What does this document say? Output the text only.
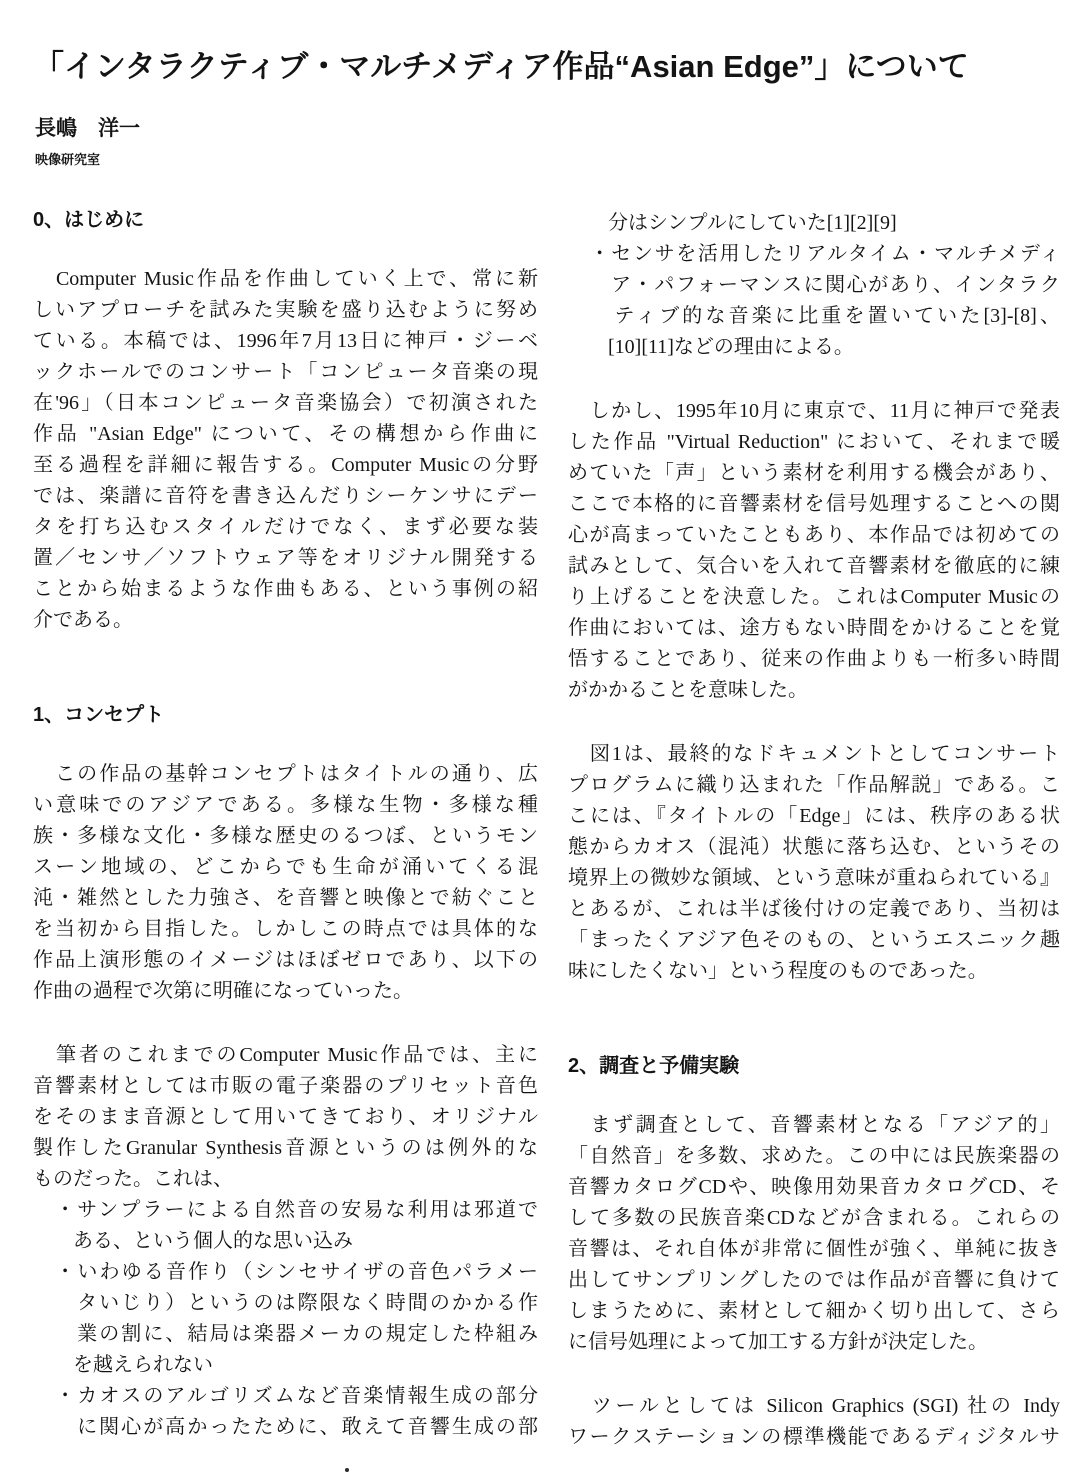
「インタラクティブ・マルチメディア作品“Asian Edge”」について
長嶋　洋一
映像研究室
0、はじめに
　Computer Music作品を作曲していく上で、常に新
しいアプローチを試みた実験を盛り込むように努め
ている。本稿では、1996年7月13日に神戸・ジーベ
ックホールでのコンサート「コンピュータ音楽の現
在'96」（日本コンピュータ音楽協会）で初演された
作品 "Asian Edge" について、その構想から作曲に
至る過程を詳細に報告する。Computer Musicの分野
では、楽譜に音符を書き込んだりシーケンサにデー
タを打ち込むスタイルだけでなく、まず必要な装
置／センサ／ソフトウェア等をオリジナル開発する
ことから始まるような作曲もある、という事例の紹
介である。
1、コンセプト
　この作品の基幹コンセプトはタイトルの通り、広
い意味でのアジアである。多様な生物・多様な種
族・多様な文化・多様な歴史のるつぼ、というモン
スーン地域の、どこからでも生命が涌いてくる混
沌・雑然とした力強さ、を音響と映像とで紡ぐこと
を当初から目指した。しかしこの時点では具体的な
作品上演形態のイメージはほぼゼロであり、以下の
作曲の過程で次第に明確になっていった。
　筆者のこれまでのComputer Music作品では、主に
音響素材としては市販の電子楽器のプリセット音色
をそのまま音源として用いてきており、オリジナル
製作したGranular Synthesis音源というのは例外的な
ものだった。これは、
　・サンプラーによる自然音の安易な利用は邪道で
　　ある、という個人的な思い込み
　・いわゆる音作り（シンセサイザの音色パラメー
　　タいじり）というのは際限なく時間のかかる作
　　業の割に、結局は楽器メーカの規定した枠組み
　　を越えられない
　・カオスのアルゴリズムなど音楽情報生成の部分
　　に関心が高かったために、敢えて音響生成の部
　　分はシンプルにしていた[1][2][9]
　・センサを活用したリアルタイム・マルチメディ
　　ア・パフォーマンスに関心があり、インタラク
　　ティブ的な音楽に比重を置いていた[3]-[8]、
　　[10][11]などの理由による。
　しかし、1995年10月に東京で、11月に神戸で発表
した作品 "Virtual Reduction" において、それまで暖
めていた「声」という素材を利用する機会があり、
ここで本格的に音響素材を信号処理することへの関
心が高まっていたこともあり、本作品では初めての
試みとして、気合いを入れて音響素材を徹底的に練
り上げることを決意した。これはComputer Musicの
作曲においては、途方もない時間をかけることを覚
悟することであり、従来の作曲よりも一桁多い時間
がかかることを意味した。
　図1は、最終的なドキュメントとしてコンサート
プログラムに織り込まれた「作品解説」である。こ
こには、『タイトルの「Edge」には、秩序のある状
態からカオス（混沌）状態に落ち込む、というその
境界上の微妙な領域、という意味が重ねられている』
とあるが、これは半ば後付けの定義であり、当初は
「まったくアジア色そのもの、というエスニック趣
味にしたくない」という程度のものであった。
2、調査と予備実験
　まず調査として、音響素材となる「アジア的」
「自然音」を多数、求めた。この中には民族楽器の
音響カタログCDや、映像用効果音カタログCD、そ
して多数の民族音楽CDなどが含まれる。これらの
音響は、それ自体が非常に個性が強く、単純に抜き
出してサンプリングしたのでは作品が音響に負けて
しまうために、素材として細かく切り出して、さら
に信号処理によって加工する方針が決定した。
　ツールとしては Silicon Graphics (SGI) 社の Indy
ワークステーションの標準機能であるディジタルサ
